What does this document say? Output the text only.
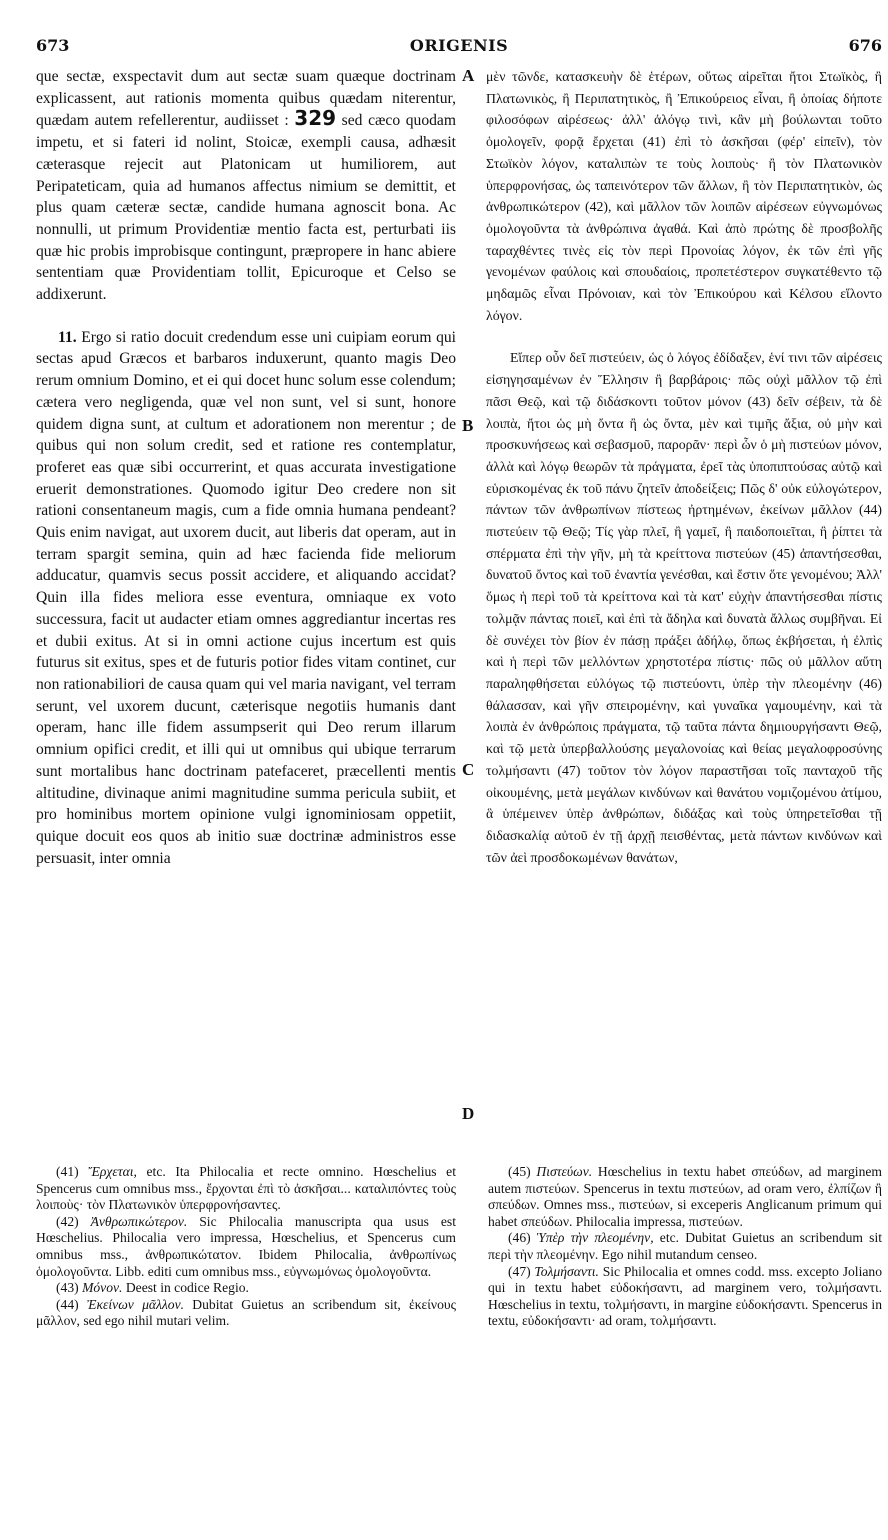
673	ORIGENIS	676

que sectæ, exspectavit dum aut sectæ suam quæque doctrinam explicassent, aut rationis momenta quibus quædam niterentur, quædam autem refellerentur, audiisset : 329 sed cæco quodam impetu, et si fateri id nolint, Stoicæ, exempli causa, adhæsit cæterasque rejecit aut Platonicam ut humiliorem, aut Peripateticam, quia ad humanos affectus nimium se demittit, et plus quam cæteræ sectæ, candide humana agnoscit bona. Ac nonnulli, ut primum Providentiæ mentio facta est, perturbati iis quæ hic probis improbisque contingunt, præpropere in hanc abiere sententiam quæ Providentiam tollit, Epicuroque et Celso se addixerunt.

11. Ergo si ratio docuit credendum esse uni cuipiam eorum qui sectas apud Græcos et barbaros induxerunt, quanto magis Deo rerum omnium Domino, et ei qui docet hunc solum esse colendum; cætera vero negligenda, quæ vel non sunt, vel si sunt, honore quidem digna sunt, at cultum et adorationem non merentur ; de quibus qui non solum credit, sed et ratione res contemplatur, proferet eas quæ sibi occurrerint, et quas accurata investigatione eruerit demonstrationes. Quomodo igitur Deo credere non sit rationi consentaneum magis, cum a fide omnia humana pendeant? Quis enim navigat, aut uxorem ducit, aut liberis dat operam, aut in terram spargit semina, quin ad hæc facienda fide meliorum adducatur, quamvis secus possit accidere, et aliquando accidat? Quin illa fides meliora esse eventura, omniaque ex voto successura, facit ut audacter etiam omnes aggrediantur incertas res et dubii exitus. At si in omni actione cujus incertum est quis futurus sit exitus, spes et de futuris potior fides vitam continet, cur non rationabiliori de causa quam qui vel maria navigant, vel terram serunt, vel uxorem ducunt, cæterisque negotiis humanis dant operam, hanc ille fidem assumpserit qui Deo rerum illarum omnium opifici credit, et illi qui ut omnibus qui ubique terrarum sunt mortalibus hanc doctrinam patefaceret, præcellenti mentis altitudine, divinaque animi magnitudine summa pericula subiit, et pro hominibus mortem opinione vulgi ignominiosam oppetiit, quique docuit eos quos ab initio suæ doctrinæ administros esse persuasit, inter omnia

A
B
C
D

μὲν τῶνδε, κατασκευὴν δὲ ἑτέρων, οὕτως αἱρεῖται ἤτοι Στωϊκὸς, ἢ Πλατωνικὸς, ἢ Περιπατητικὸς, ἢ Ἐπικούρειος εἶναι, ἢ ὁποίας δήποτε φιλοσόφων αἱρέσεως· ἀλλ' ἀλόγῳ τινὶ, κἂν μὴ βούλωνται τοῦτο ὁμολογεῖν, φορᾷ ἔρχεται (41) ἐπὶ τὸ ἀσκῆσαι (φέρ' εἰπεῖν), τὸν Στωϊκὸν λόγον, καταλιπὼν τε τοὺς λοιποὺς· ἢ τὸν Πλατωνικὸν ὑπερφρονήσας, ὡς ταπεινότερον τῶν ἄλλων, ἢ τὸν Περιπατητικὸν, ὡς ἀνθρωπικώτερον (42), καὶ μᾶλλον τῶν λοιπῶν αἱρέσεων εὐγνωμόνως ὁμολογοῦντα τὰ ἀνθρώπινα ἀγαθά. Καὶ ἀπὸ πρώτης δὲ προσβολῆς ταραχθέντες τινὲς εἰς τὸν περὶ Προνοίας λόγον, ἐκ τῶν ἐπὶ γῆς γενομένων φαύλοις καὶ σπουδαίοις, προπετέστερον συγκατέθεντο τῷ μηδαμῶς εἶναι Πρόνοιαν, καὶ τὸν Ἐπικούρου καὶ Κέλσου εἵλοντο λόγον.

Εἴπερ οὖν δεῖ πιστεύειν, ὡς ὁ λόγος ἐδίδαξεν, ἑνί τινι τῶν αἱρέσεις εἰσηγησαμένων ἐν Ἕλλησιν ἢ βαρβάροις· πῶς οὐχὶ μᾶλλον τῷ ἐπὶ πᾶσι Θεῷ, καὶ τῷ διδάσκοντι τοῦτον μόνον (43) δεῖν σέβειν, τὰ δὲ λοιπὰ, ἤτοι ὡς μὴ ὄντα ἢ ὡς ὄντα, μὲν καὶ τιμῆς ἄξια, οὐ μὴν καὶ προσκυνήσεως καὶ σεβασμοῦ, παρορᾶν· περὶ ὧν ὁ μὴ πιστεύων μόνον, ἀλλὰ καὶ λόγῳ θεωρῶν τὰ πράγματα, ἐρεῖ τὰς ὑποπιπτούσας αὐτῷ καὶ εὑρισκομένας ἐκ τοῦ πάνυ ζητεῖν ἀποδείξεις; Πῶς δ' οὐκ εὐλογώτερον, πάντων τῶν ἀνθρωπίνων πίστεως ἠρτημένων, ἐκείνων μᾶλλον (44) πιστεύειν τῷ Θεῷ; Τίς γὰρ πλεῖ, ἢ γαμεῖ, ἢ παιδοποιεῖται, ἢ ῥίπτει τὰ σπέρματα ἐπὶ τὴν γῆν, μὴ τὰ κρείττονα πιστεύων (45) ἀπαντήσεσθαι, δυνατοῦ ὄντος καὶ τοῦ ἐναντία γενέσθαι, καὶ ἔστιν ὅτε γενομένου; Ἀλλ' ὅμως ἡ περὶ τοῦ τὰ κρείττονα καὶ τὰ κατ' εὐχὴν ἀπαντήσεσθαι πίστις τολμᾷν πάντας ποιεῖ, καὶ ἐπὶ τὰ ἄδηλα καὶ δυνατὰ ἄλλως συμβῆναι. Εἰ δὲ συνέχει τὸν βίον ἐν πάσῃ πράξει ἀδήλῳ, ὅπως ἐκβήσεται, ἡ ἐλπὶς καὶ ἡ περὶ τῶν μελλόντων χρηστοτέρα πίστις· πῶς οὐ μᾶλλον αὕτη παραληφθήσεται εὐλόγως τῷ πιστεύοντι, ὑπὲρ τὴν πλεομένην (46) θάλασσαν, καὶ γῆν σπειρομένην, καὶ γυναῖκα γαμουμένην, καὶ τὰ λοιπὰ ἐν ἀνθρώποις πράγματα, τῷ ταῦτα πάντα δημιουργήσαντι Θεῷ, καὶ τῷ μετὰ ὑπερβαλλούσης μεγαλονοίας καὶ θείας μεγαλοφροσύνης τολμήσαντι (47) τοῦτον τὸν λόγον παραστῆσαι τοῖς πανταχοῦ τῆς οἰκουμένης, μετὰ μεγάλων κινδύνων καὶ θανάτου νομιζομένου ἀτίμου, ἃ ὑπέμεινεν ὑπὲρ ἀνθρώπων, διδάξας καὶ τοὺς ὑπηρετεῖσθαι τῇ διδασκαλίᾳ αὐτοῦ ἐν τῇ ἀρχῇ πεισθέντας, μετὰ πάντων κινδύνων καὶ τῶν ἀεὶ προσδοκωμένων θανάτων,

(41) Ἔρχεται, etc. Ita Philocalia et recte omnino. Hœschelius et Spencerus cum omnibus mss., ἔρχονται ἐπὶ τὸ ἀσκῆσαι... καταλιπόντες τοὺς λοιποὺς· τὸν Πλατωνικὸν ὑπερφρονήσαντες.

(42) Ἀνθρωπικώτερον. Sic Philocalia manuscripta qua usus est Hœschelius. Philocalia vero impressa, Hœschelius, et Spencerus cum omnibus mss., ἀνθρωπικώτατον. Ibidem Philocalia, ἀνθρωπίνως ὁμολογοῦντα. Libb. editi cum omnibus mss., εὐγνωμόνως ὁμολογοῦντα.

(43) Μόνον. Deest in codice Regio.

(44) Ἐκείνων μᾶλλον. Dubitat Guietus an scribendum sit, ἐκείνους μᾶλλον, sed ego nihil mutari velim.

(45) Πιστεύων. Hœschelius in textu habet σπεύδων, ad marginem autem πιστεύων. Spencerus in textu πιστεύων, ad oram vero, ἐλπίζων ἢ σπεύδων. Omnes mss., πιστεύων, si exceperis Anglicanum primum qui habet σπεύδων. Philocalia impressa, πιστεύων.

(46) Ὑπὲρ τὴν πλεομένην, etc. Dubitat Guietus an scribendum sit περὶ τὴν πλεομένην. Ego nihil mutandum censeo.

(47) Τολμήσαντι. Sic Philocalia et omnes codd. mss. excepto Joliano qui in textu habet εὐδοκήσαντι, ad marginem vero, τολμήσαντι. Hœschelius in textu, τολμήσαντι, in margine εὐδοκήσαντι. Spencerus in textu, εὐδοκήσαντι· ad oram, τολμήσαντι.
